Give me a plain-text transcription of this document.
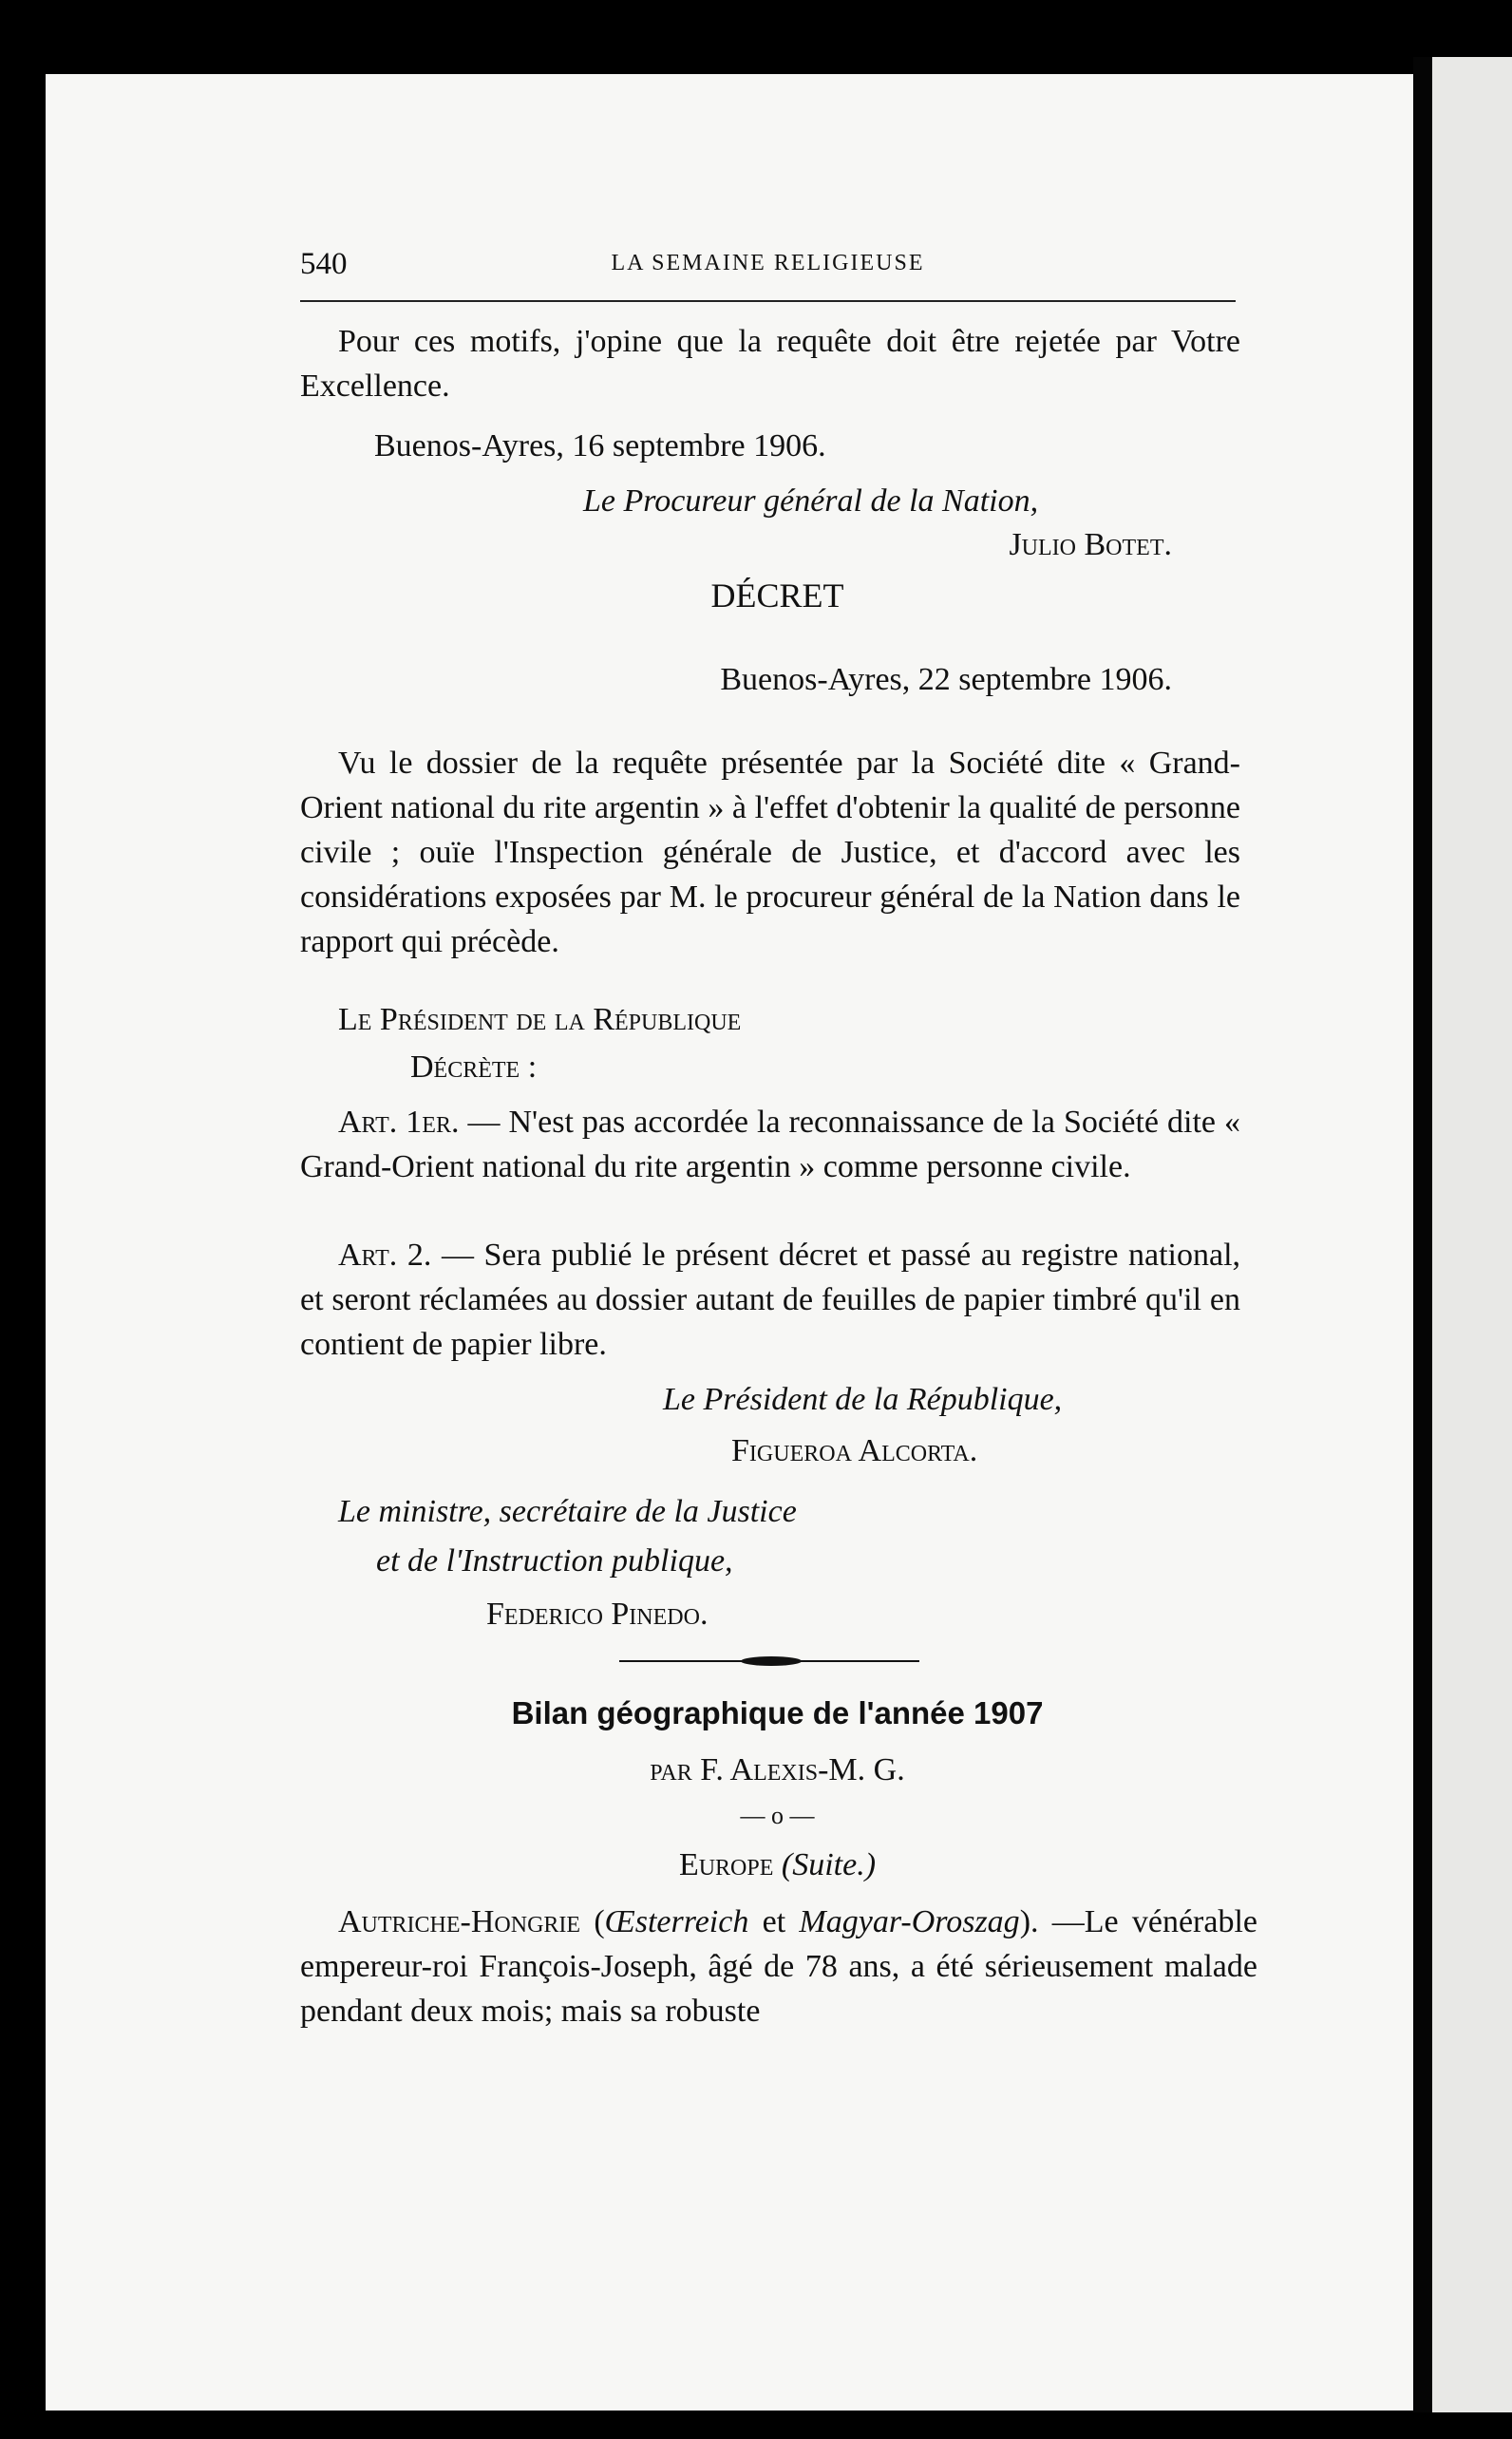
540	LA SEMAINE RELIGIEUSE
Pour ces motifs, j'opine que la requête doit être rejetée par Votre Excellence.
Buenos-Ayres, 16 septembre 1906.
Le Procureur général de la Nation,
Julio Botet.
DÉCRET
Buenos-Ayres, 22 septembre 1906.
Vu le dossier de la requête présentée par la Société dite « Grand-Orient national du rite argentin » à l'effet d'obtenir la qualité de personne civile ; ouïe l'Inspection générale de Justice, et d'accord avec les considérations exposées par M. le procureur général de la Nation dans le rapport qui précède.
Le Président de la République
Décrète :
Art. 1er. — N'est pas accordée la reconnaissance de la Société dite « Grand-Orient national du rite argentin » comme personne civile.
Art. 2. — Sera publié le présent décret et passé au registre national, et seront réclamées au dossier autant de feuilles de papier timbré qu'il en contient de papier libre.
Le Président de la République,
Figueroa Alcorta.
Le ministre, secrétaire de la Justice
et de l'Instruction publique,
Federico Pinedo.
Bilan géographique de l'année 1907
par F. Alexis-M. G.
— o —
Europe (Suite.)
Autriche-Hongrie (Œsterreich et Magyar-Oroszag). —Le vénérable empereur-roi François-Joseph, âgé de 78 ans, a été sérieusement malade pendant deux mois; mais sa robuste
